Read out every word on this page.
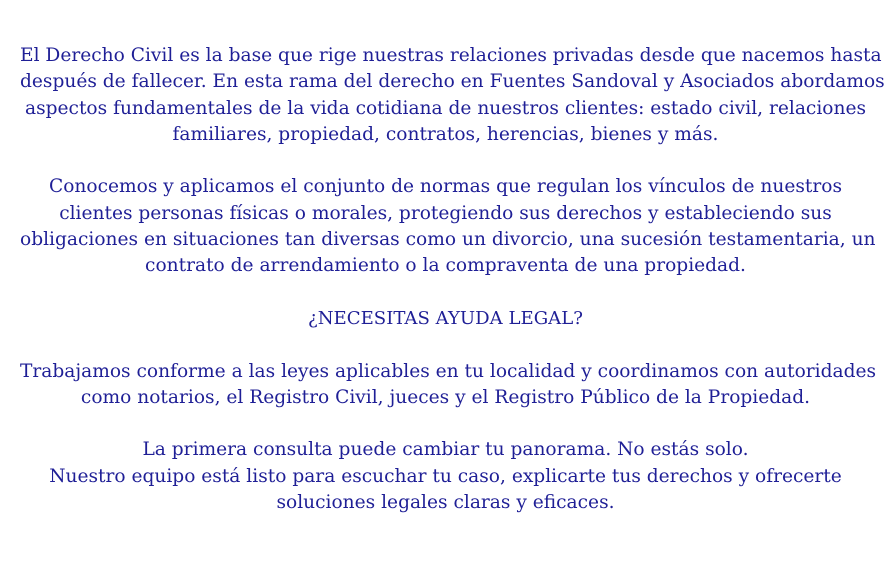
El Derecho Civil es la base que rige nuestras relaciones privadas desde que nacemos hasta
después de fallecer. En esta rama del derecho en Fuentes Sandoval y Asociados abordamos
aspectos fundamentales de la vida cotidiana de nuestros clientes: estado civil, relaciones
familiares, propiedad, contratos, herencias, bienes y más.
Conocemos y aplicamos el conjunto de normas que regulan los vínculos de nuestros
clientes personas físicas o morales, protegiendo sus derechos y estableciendo sus
obligaciones en situaciones tan diversas como un divorcio, una sucesión testamentaria, un
contrato de arrendamiento o la compraventa de una propiedad.
¿NECESITAS AYUDA LEGAL?
Trabajamos conforme a las leyes aplicables en tu localidad y coordinamos con autoridades
como notarios, el Registro Civil, jueces y el Registro Público de la Propiedad.
La primera consulta puede cambiar tu panorama. No estás solo.
Nuestro equipo está listo para escuchar tu caso, explicarte tus derechos y ofrecerte
soluciones legales claras y eficaces.
